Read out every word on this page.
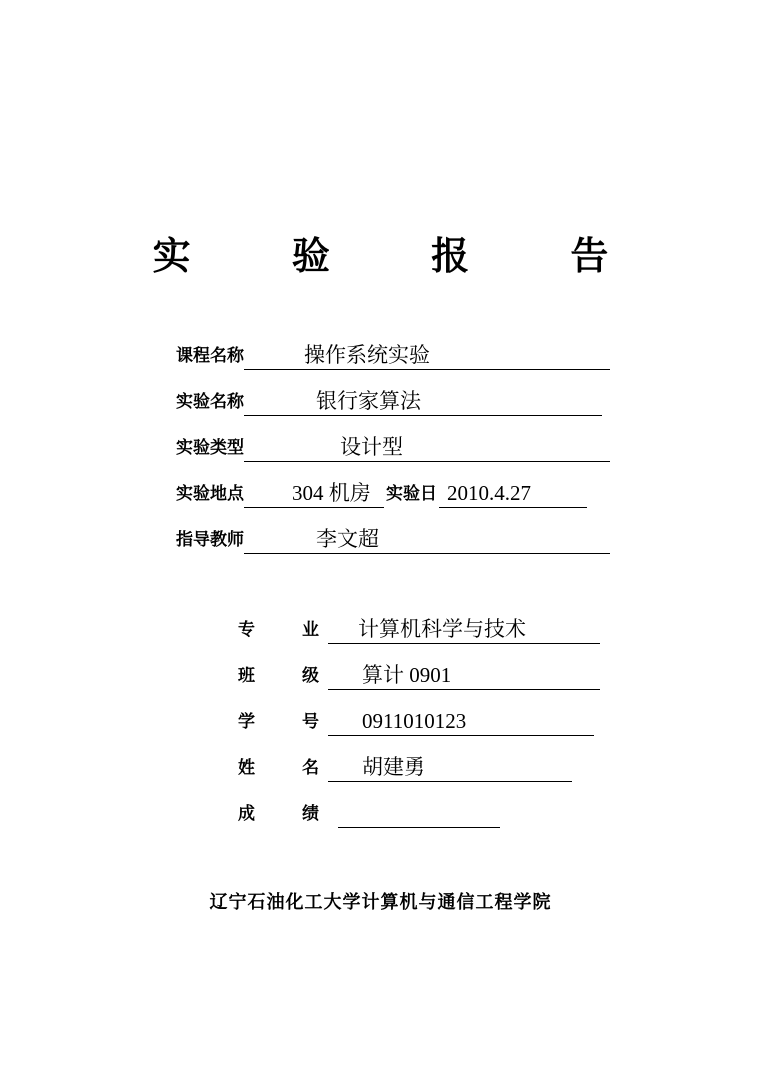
实 验 报 告
课程名称	操作系统实验
实验名称	银行家算法
实验类型	设计型
实验地点 304 机房 实验日 2010.4.27
指导教师	李文超
专	业 计算机科学与技术
班	级 算计 0901
学	号 0911010123
姓	名 胡建勇
成	绩
辽宁石油化工大学计算机与通信工程学院
